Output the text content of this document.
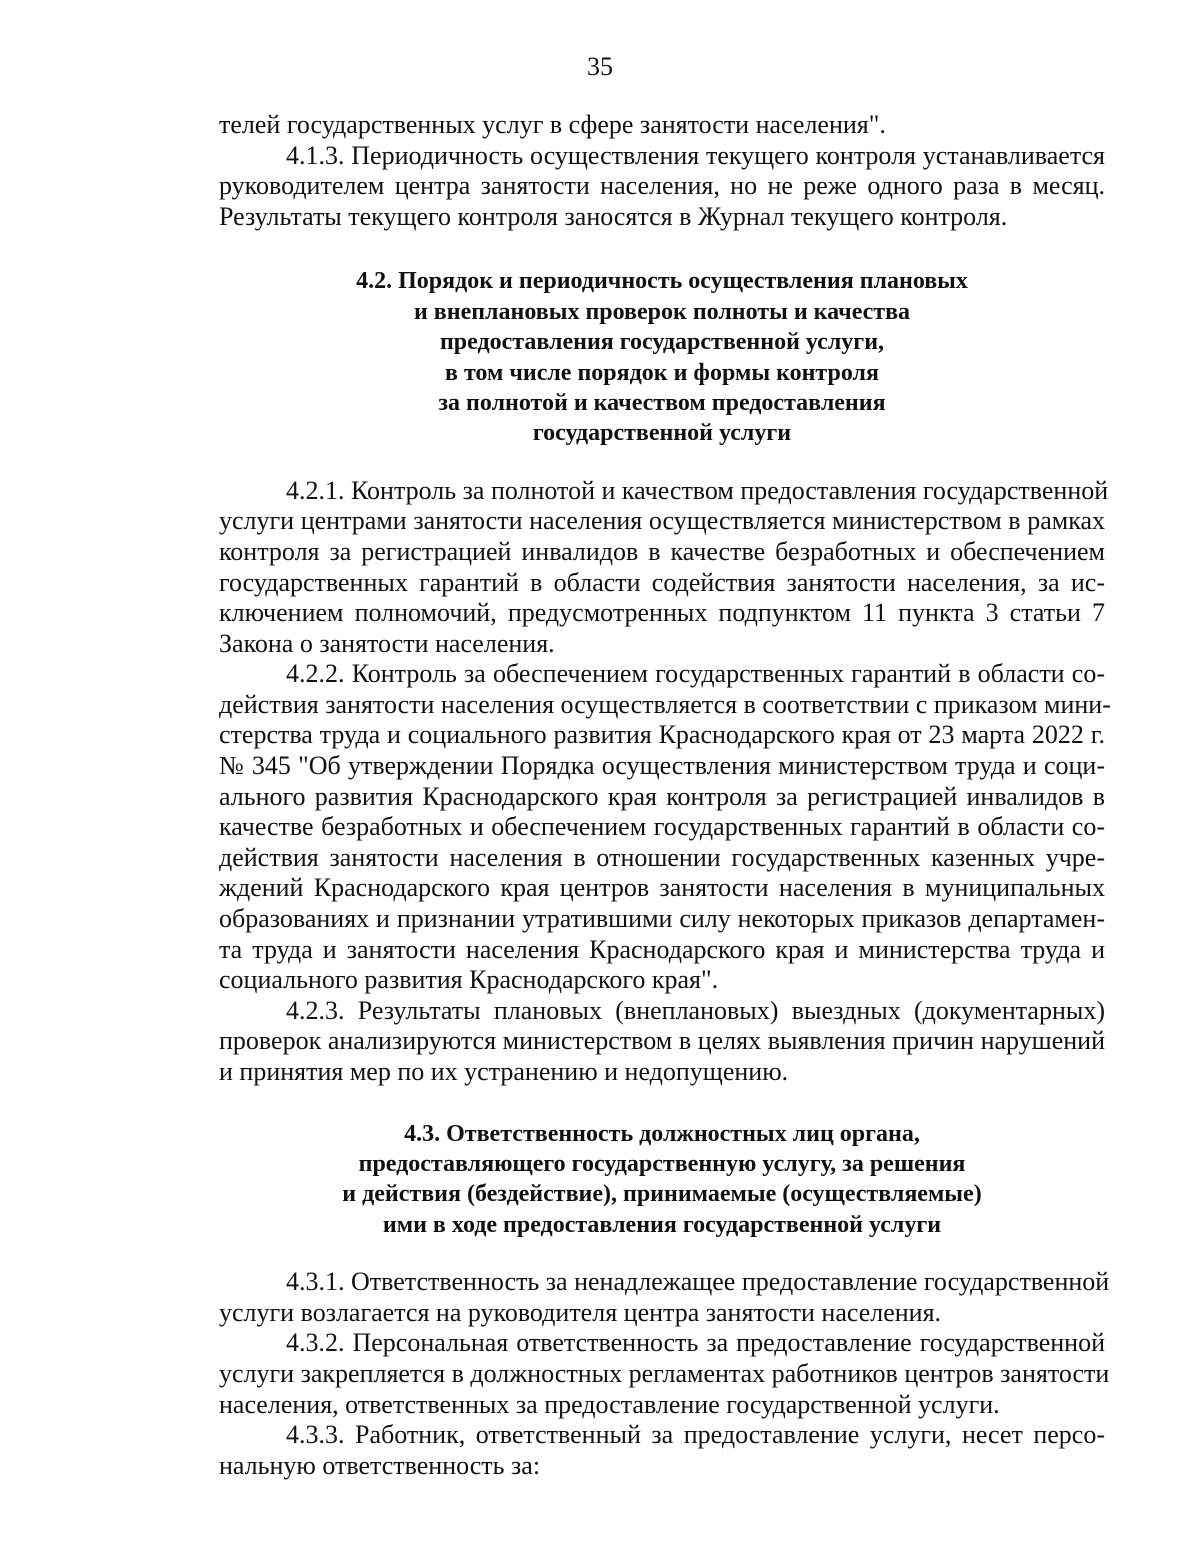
35
телей государственных услуг в сфере занятости населения".
4.1.3. Периодичность осуществления текущего контроля устанавливается
руководителем центра занятости населения, но не реже одного раза в месяц.
Результаты текущего контроля заносятся в Журнал текущего контроля.
4.2. Порядок и периодичность осуществления плановых
и внеплановых проверок полноты и качества
предоставления государственной услуги,
в том числе порядок и формы контроля
за полнотой и качеством предоставления
государственной услуги
4.2.1. Контроль за полнотой и качеством предоставления государственной
услуги центрами занятости населения осуществляется министерством в рамках
контроля за регистрацией инвалидов в качестве безработных и обеспечением
государственных гарантий в области содействия занятости населения, за ис-
ключением полномочий, предусмотренных подпунктом 11 пункта 3 статьи 7
Закона о занятости населения.
4.2.2. Контроль за обеспечением государственных гарантий в области со-
действия занятости населения осуществляется в соответствии с приказом мини-
стерства труда и социального развития Краснодарского края от 23 марта 2022 г.
№ 345 "Об утверждении Порядка осуществления министерством труда и соци-
ального развития Краснодарского края контроля за регистрацией инвалидов в
качестве безработных и обеспечением государственных гарантий в области со-
действия занятости населения в отношении государственных казенных учре-
ждений Краснодарского края центров занятости населения в муниципальных
образованиях и признании утратившими силу некоторых приказов департамен-
та труда и занятости населения Краснодарского края и министерства труда и
социального развития Краснодарского края".
4.2.3. Результаты плановых (внеплановых) выездных (документарных)
проверок анализируются министерством в целях выявления причин нарушений
и принятия мер по их устранению и недопущению.
4.3. Ответственность должностных лиц органа,
предоставляющего государственную услугу, за решения
и действия (бездействие), принимаемые (осуществляемые)
ими в ходе предоставления государственной услуги
4.3.1. Ответственность за ненадлежащее предоставление государственной
услуги возлагается на руководителя центра занятости населения.
4.3.2. Персональная ответственность за предоставление государственной
услуги закрепляется в должностных регламентах работников центров занятости
населения, ответственных за предоставление государственной услуги.
4.3.3. Работник, ответственный за предоставление услуги, несет персо-
нальную ответственность за:
